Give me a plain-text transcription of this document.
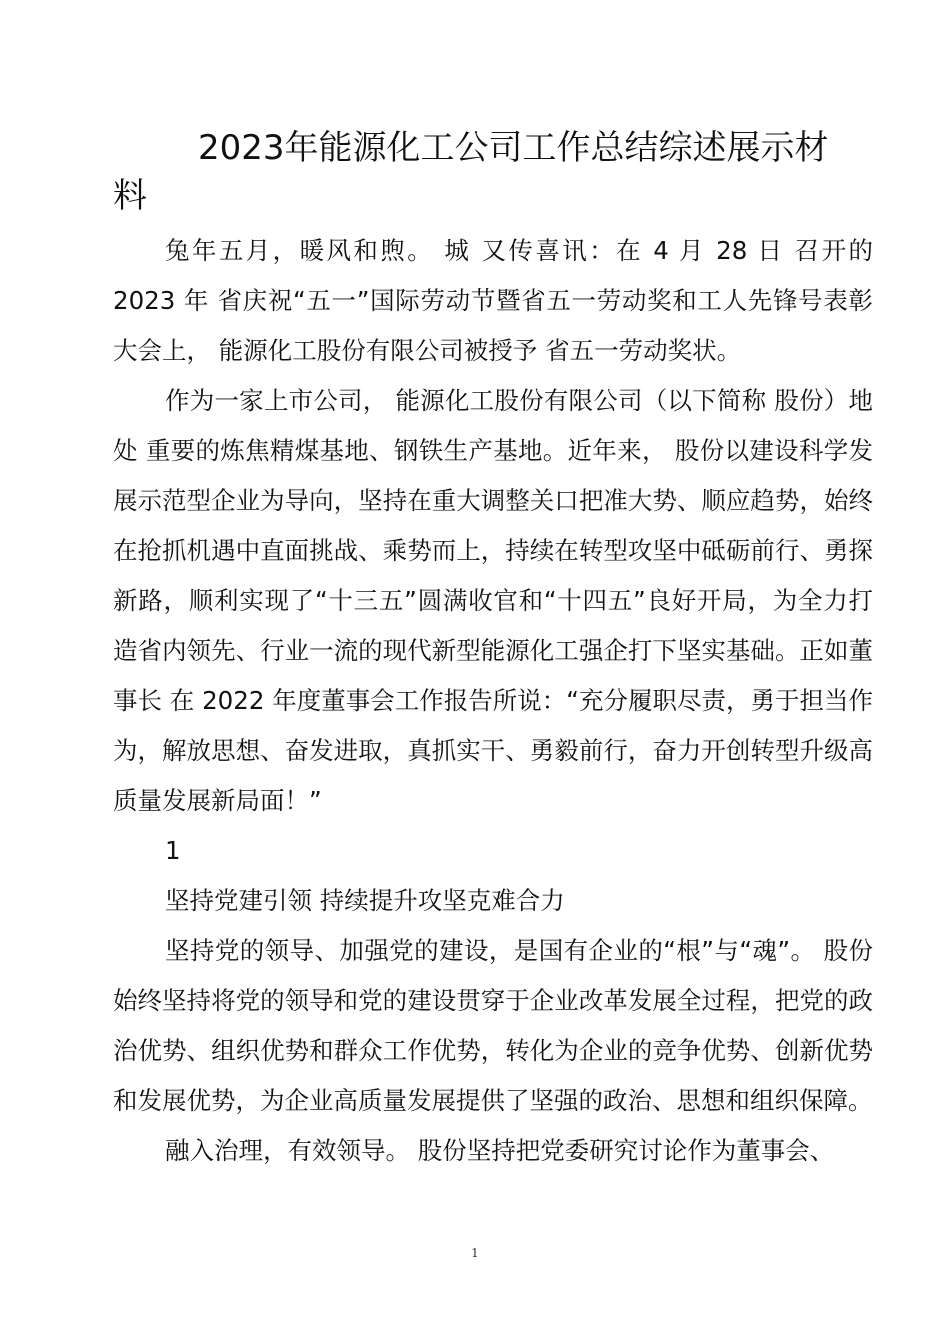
2023年能源化工公司工作总结综述展示材料

兔年五月，暖风和煦。 城 又传喜讯：在 4 月 28 日 召开的 2023 年 省庆祝“五一”国际劳动节暨省五一劳动奖和工人先锋号表彰大会上， 能源化工股份有限公司被授予 省五一劳动奖状。

作为一家上市公司， 能源化工股份有限公司（以下简称 股份）地处 重要的炼焦精煤基地、钢铁生产基地。近年来， 股份以建设科学发展示范型企业为导向，坚持在重大调整关口把准大势、顺应趋势，始终在抢抓机遇中直面挑战、乘势而上，持续在转型攻坚中砥砺前行、勇探新路，顺利实现了“十三五”圆满收官和“十四五”良好开局，为全力打造省内领先、行业一流的现代新型能源化工强企打下坚实基础。正如董事长 在 2022 年度董事会工作报告所说：“充分履职尽责，勇于担当作为，解放思想、奋发进取，真抓实干、勇毅前行，奋力开创转型升级高质量发展新局面！”

1

坚持党建引领 持续提升攻坚克难合力

坚持党的领导、加强党的建设，是国有企业的“根”与“魂”。 股份始终坚持将党的领导和党的建设贯穿于企业改革发展全过程，把党的政治优势、组织优势和群众工作优势，转化为企业的竞争优势、创新优势和发展优势，为企业高质量发展提供了坚强的政治、思想和组织保障。

融入治理，有效领导。 股份坚持把党委研究讨论作为董事会、

1
